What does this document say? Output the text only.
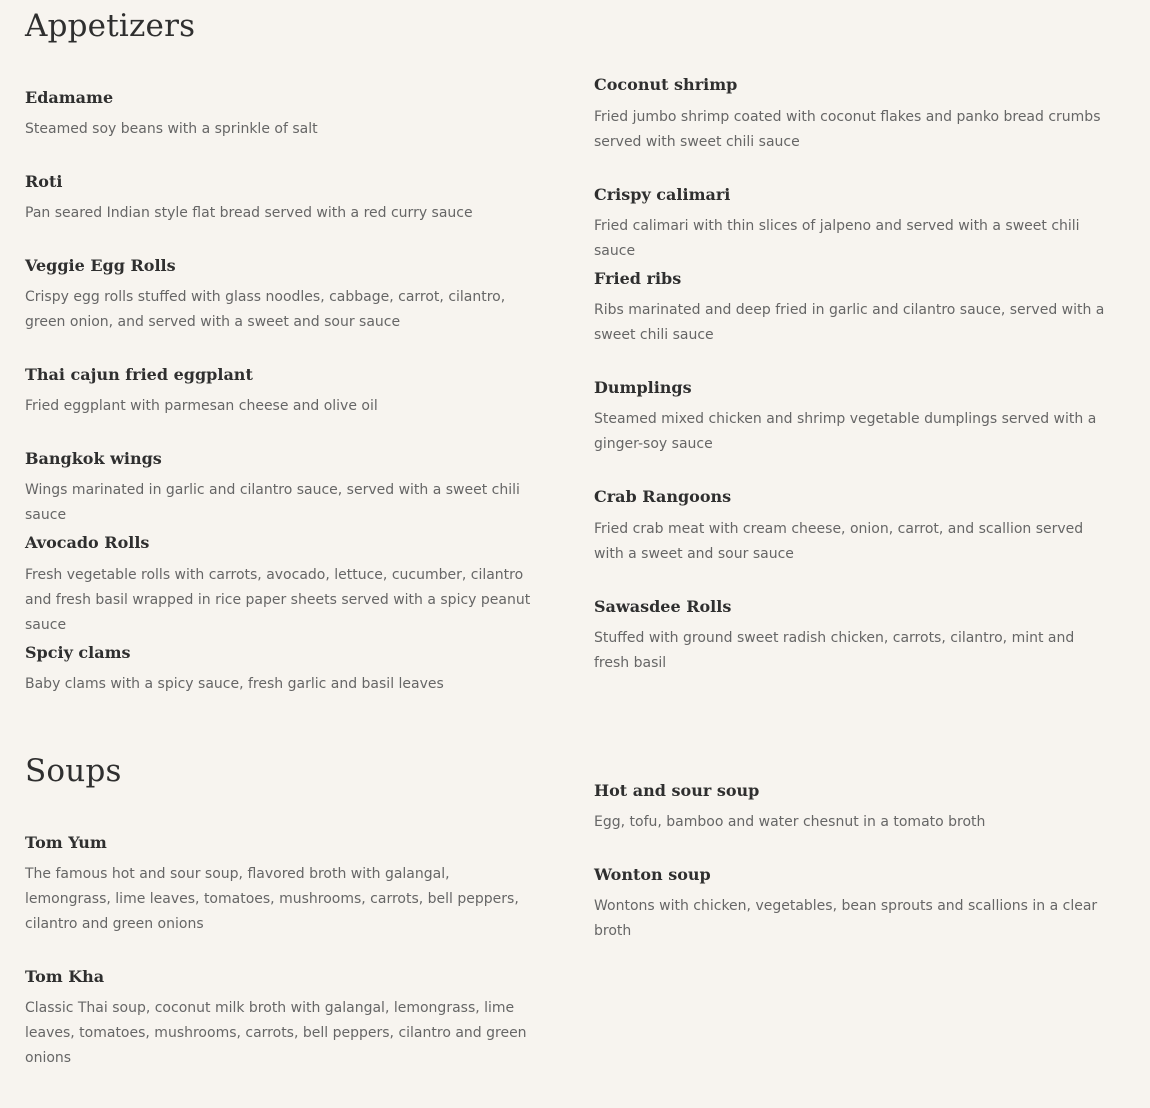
Appetizers
Edamame
Steamed soy beans with a sprinkle of salt
Roti
Pan seared Indian style flat bread served with a red curry sauce
Veggie Egg Rolls
Crispy egg rolls stuffed with glass noodles, cabbage, carrot, cilantro, green onion, and served with a sweet and sour sauce
Thai cajun fried eggplant
Fried eggplant with parmesan cheese and olive oil
Bangkok wings
Wings marinated in garlic and cilantro sauce, served with a sweet chili sauce
Avocado Rolls
Fresh vegetable rolls with carrots, avocado, lettuce, cucumber, cilantro and fresh basil wrapped in rice paper sheets served with a spicy peanut sauce
Spciy clams
Baby clams with a spicy sauce, fresh garlic and basil leaves
Coconut shrimp
Fried jumbo shrimp coated with coconut flakes and panko bread crumbs served with sweet chili sauce
Crispy calimari
Fried calimari with thin slices of jalpeno and served with a sweet chili sauce
Fried ribs
Ribs marinated and deep fried in garlic and cilantro sauce, served with a sweet chili sauce
Dumplings
Steamed mixed chicken and shrimp vegetable dumplings served with a ginger-soy sauce
Crab Rangoons
Fried crab meat with cream cheese, onion, carrot, and scallion served with a sweet and sour sauce
Sawasdee Rolls
Stuffed with ground sweet radish chicken, carrots, cilantro, mint and fresh basil
Soups
Tom Yum
The famous hot and sour soup, flavored broth with galangal, lemongrass, lime leaves, tomatoes, mushrooms, carrots, bell peppers, cilantro and green onions
Tom Kha
Classic Thai soup, coconut milk broth with galangal, lemongrass, lime leaves, tomatoes, mushrooms, carrots, bell peppers, cilantro and green onions
Hot and sour soup
Egg, tofu, bamboo and water chesnut in a tomato broth
Wonton soup
Wontons with chicken, vegetables, bean sprouts and scallions in a clear broth
